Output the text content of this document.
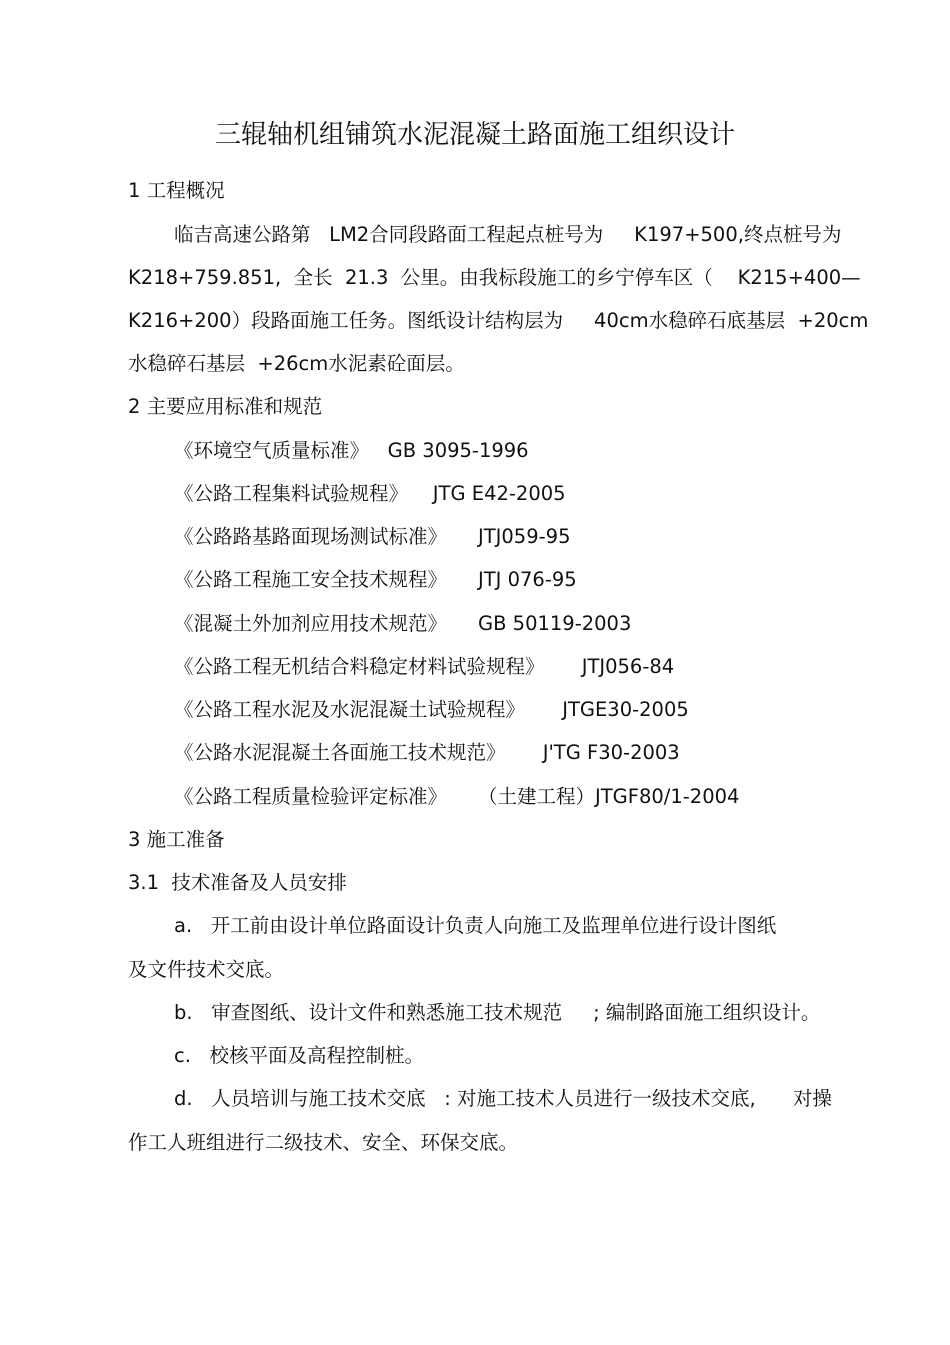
三辊轴机组铺筑水泥混凝土路面施工组织设计
1 工程概况
临吉高速公路第   LM2合同段路面工程起点桩号为     K197+500,终点桩号为
K218+759.851,  全长  21.3  公里。由我标段施工的乡宁停车区（    K215+400—
K216+200）段路面施工任务。图纸设计结构层为     40cm水稳碎石底基层  +20cm
水稳碎石基层  +26cm水泥素砼面层。
2 主要应用标准和规范
《环境空气质量标准》   GB 3095-1996
《公路工程集料试验规程》    JTG E42-2005
《公路路基路面现场测试标准》     JTJ059-95
《公路工程施工安全技术规程》     JTJ 076-95
《混凝土外加剂应用技术规范》     GB 50119-2003
《公路工程无机结合料稳定材料试验规程》      JTJ056-84
《公路工程水泥及水泥混凝土试验规程》      JTGE30-2005
《公路水泥混凝土各面施工技术规范》      J'TG F30-2003
《公路工程质量检验评定标准》     （土建工程）JTGF80/1-2004
3 施工准备
3.1  技术准备及人员安排
a.   开工前由设计单位路面设计负责人向施工及监理单位进行设计图纸
及文件技术交底。
b.   审查图纸、设计文件和熟悉施工技术规范     ; 编制路面施工组织设计。
c.   校核平面及高程控制桩。
d.   人员培训与施工技术交底   : 对施工技术人员进行一级技术交底,      对操
作工人班组进行二级技术、安全、环保交底。
